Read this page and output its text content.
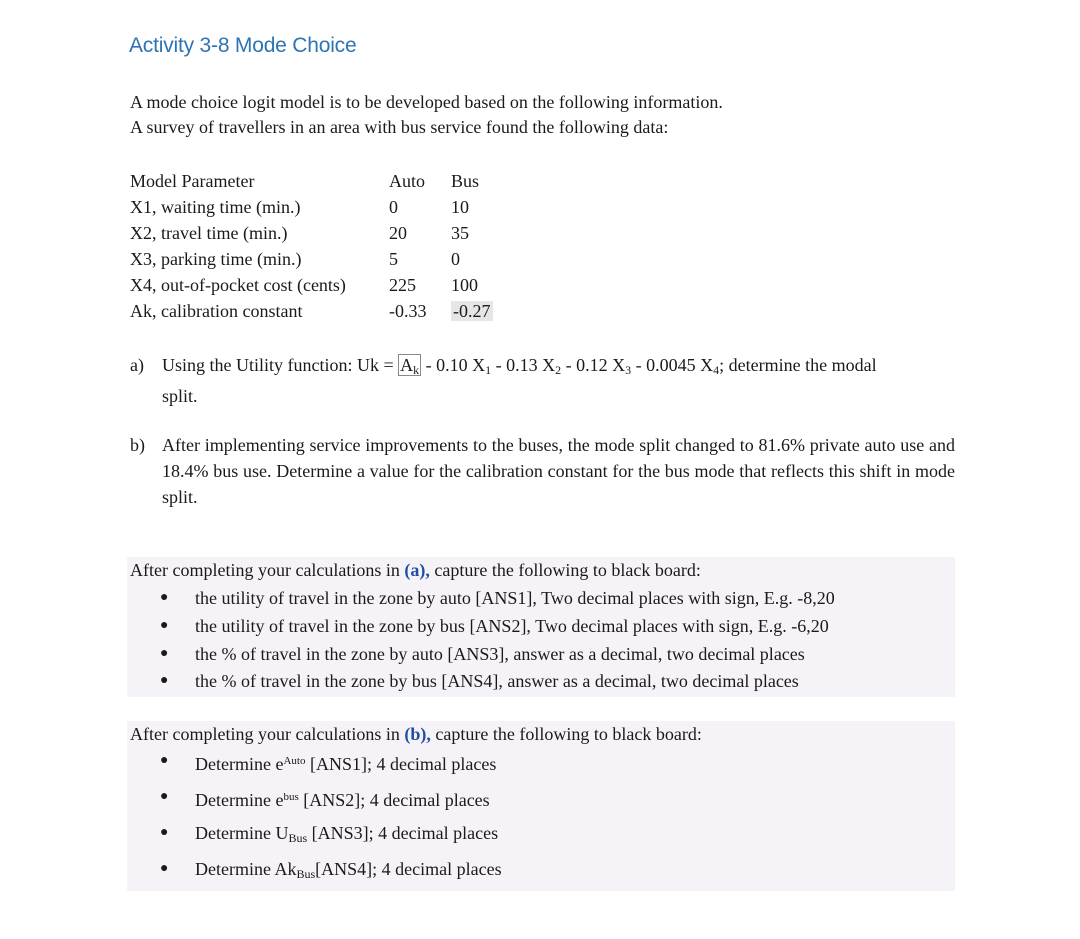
Activity 3-8 Mode Choice
A mode choice logit model is to be developed based on the following information.
A survey of travellers in an area with bus service found the following data:
Model Parameter	Auto	Bus
X1, waiting time (min.)	0	10
X2, travel time (min.)	20	35
X3, parking time (min.)	5	0
X4, out-of-pocket cost (cents)	225	100
Ak, calibration constant	-0.33	-0.27
a)	Using the Utility function: $Uk = A_k - 0.10$ $X_1 - 0.13$ $X_2 - 0.12$ $X_3 - 0.0045$ $X_4$; determine the modal
split.
b) After implementing service improvements to the buses, the mode split changed to 81.6% private auto use and 18.4% bus use. Determine a value for the calibration constant for the bus mode that reflects this shift in mode split.
After completing your calculations in (a), capture the following to black board:
● the utility of travel in the zone by auto [ANS1], Two decimal places with sign, E.g. -8,20
● the utility of travel in the zone by bus [ANS2], Two decimal places with sign, E.g. -6,20
● the % of travel in the zone by auto [ANS3], answer as a decimal, two decimal places
● the % of travel in the zone by bus [ANS4], answer as a decimal, two decimal places
After completing your calculations in (b), capture the following to black board:
● Determine $e^{Auto}$ [ANS1]; 4 decimal places
● Determine $e^{bus}$ [ANS2]; 4 decimal places
● Determine $U_{Bus}$ [ANS3]; 4 decimal places
● Determine $Ak_{Bus}[ANS4]$; 4 decimal places
